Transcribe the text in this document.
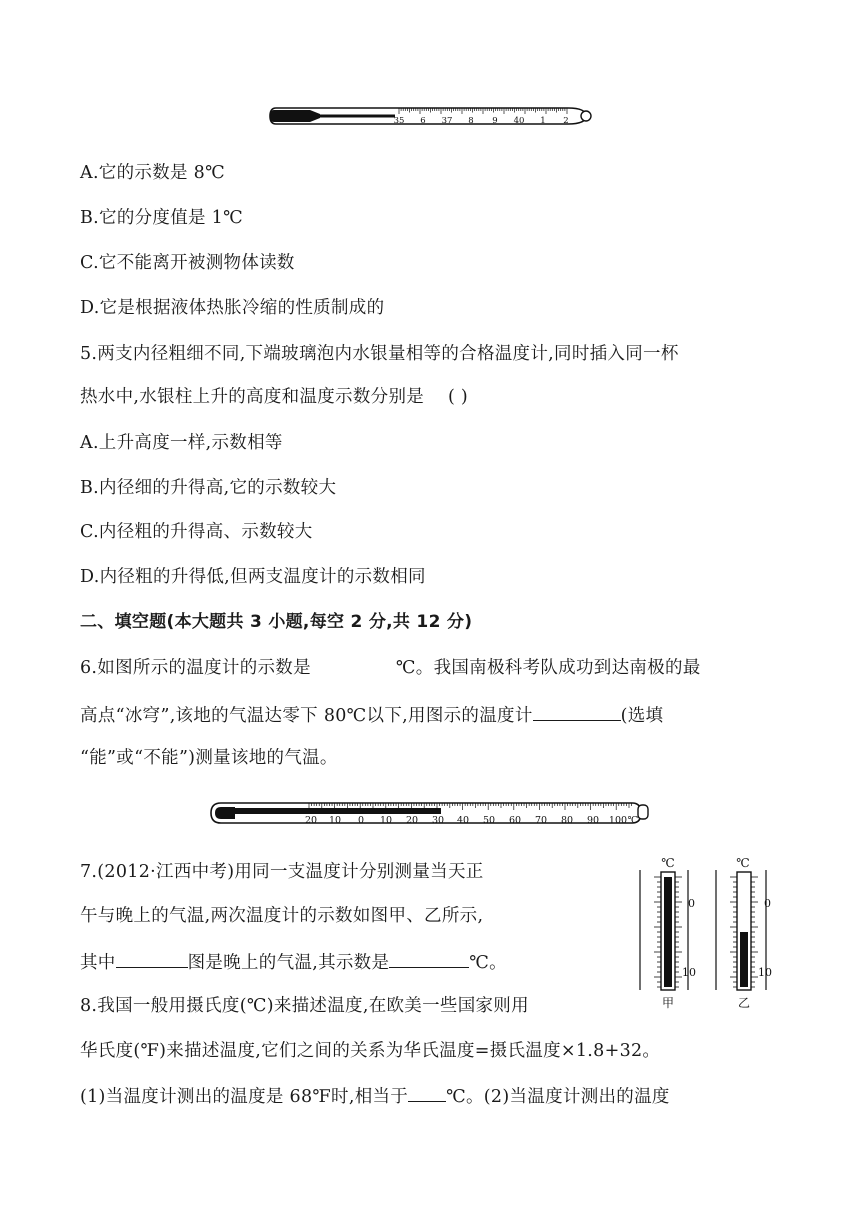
35 6 37 8 9 40 1 2
A.它的示数是 8℃
B.它的分度值是 1℃
C.它不能离开被测物体读数
D.它是根据液体热胀冷缩的性质制成的
5.两支内径粗细不同,下端玻璃泡内水银量相等的合格温度计,同时插入同一杯
热水中,水银柱上升的高度和温度示数分别是 ( )
A.上升高度一样,示数相等
B.内径细的升得高,它的示数较大
C.内径粗的升得高、示数较大
D.内径粗的升得低,但两支温度计的示数相同
二、填空题(本大题共 3 小题,每空 2 分,共 12 分)
6.如图所示的温度计的示数是	℃。我国南极科考队成功到达南极的最
高点“冰穹”,该地的气温达零下 80℃以下,用图示的温度计	(选填
“能”或“不能”)测量该地的气温。
20 10 0 10 20 30 40 50 60 70 80 90 100 ℃
7.(2012·江西中考)用同一支温度计分别测量当天正
午与晚上的气温,两次温度计的示数如图甲、乙所示,
其中	图是晚上的气温,其示数是	℃。
℃
0
10
甲
℃
0
10
乙
8.我国一般用摄氏度(℃)来描述温度,在欧美一些国家则用
华氏度(℉)来描述温度,它们之间的关系为华氏温度=摄氏温度×1.8+32。
(1)当温度计测出的温度是 68℉时,相当于 ℃。(2)当温度计测出的温度
